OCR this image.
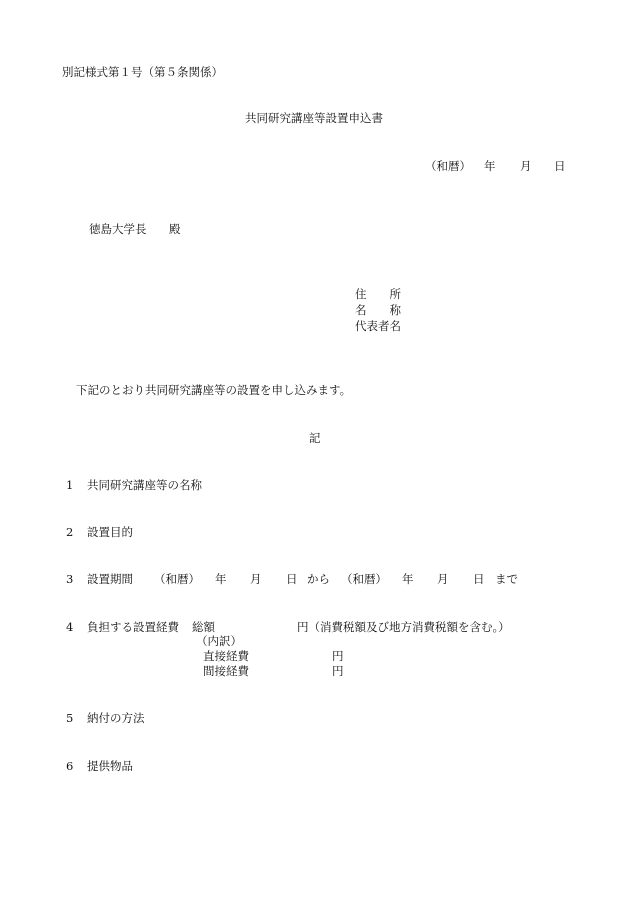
別記様式第１号（第５条関係）
共同研究講座等設置申込書
（和暦） 年 月 日
徳島大学長 殿
住　　所
名　　称
代表者名
下記のとおり共同研究講座等の設置を申し込みます。
記
1 共同研究講座等の名称
2 設置目的
3 設置期間 （和暦） 年 月 日 から （和暦） 年 月 日 まで
4 負担する設置経費 総額	円（消費税額及び地方消費税額を含む。）
（内訳）
直接経費	円
間接経費	円
5 納付の方法
6 提供物品
